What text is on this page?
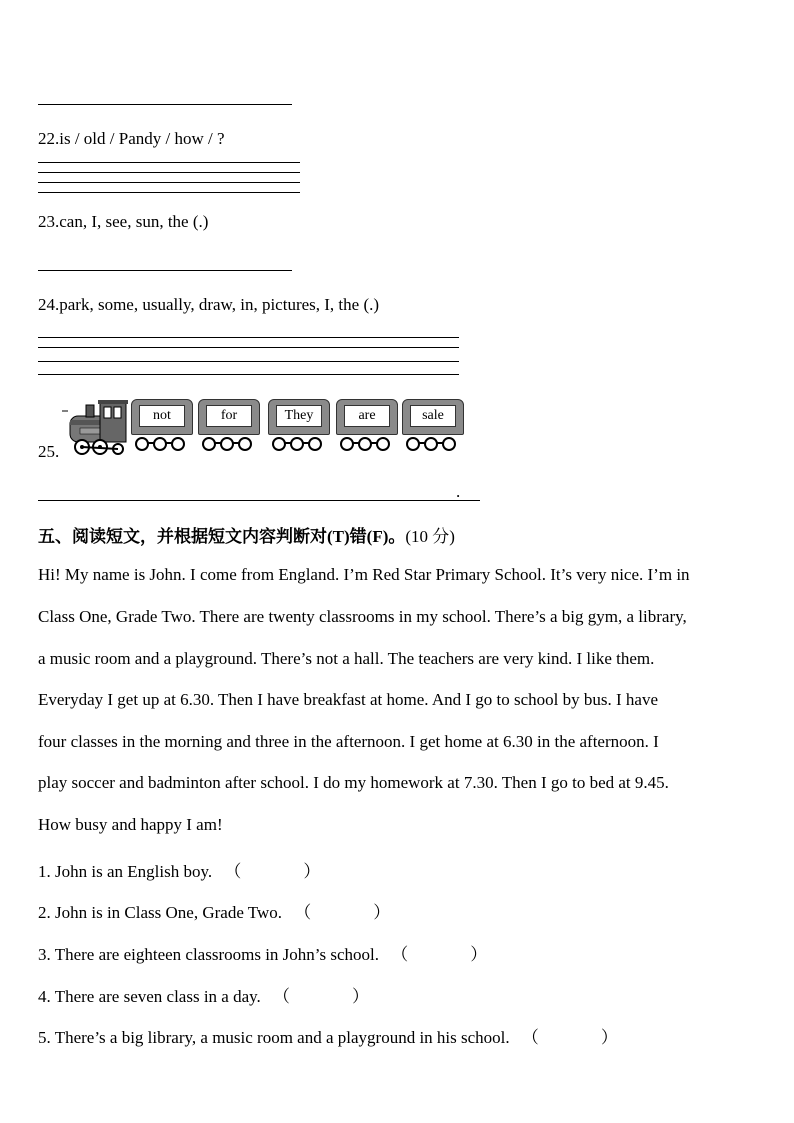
22.is / old / Pandy / how / ?
23.can, I, see, sun, the (.)
24.park, some, usually, draw, in, pictures, I, the (.)
25.
not	for	They	are	sale
.
五、阅读短文，并根据短文内容判断对(T)错(F)。(10 分)
Hi! My name is John. I come from England. I’m Red Star Primary School. It’s very nice. I’m in
Class One, Grade Two. There are twenty classrooms in my school. There’s a big gym, a library,
a music room and a playground. There’s not a hall. The teachers are very kind. I like them.
Everyday I get up at 6.30. Then I have breakfast at home. And I go to school by bus. I have
four classes in the morning and three in the afternoon. I get home at 6.30 in the afternoon. I
play soccer and badminton after school. I do my homework at 7.30. Then I go to bed at 9.45.
How busy and happy I am!
1. John is an English boy. （	）
2. John is in Class One, Grade Two. （	）
3. There are eighteen classrooms in John’s school. （	）
4. There are seven class in a day. （	）
5. There’s a big library, a music room and a playground in his school. （	）
